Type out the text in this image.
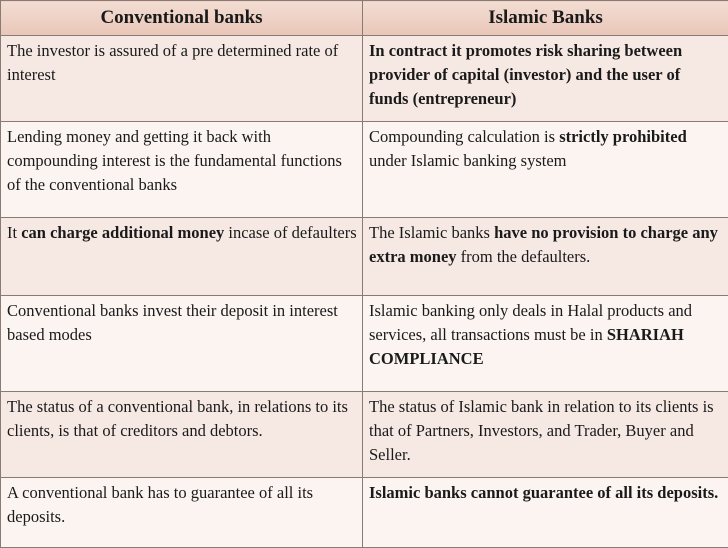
Conventional banks	Islamic Banks
The investor is assured of a pre determined rate of interest	In contract it promotes risk sharing between provider of capital (investor) and the user of funds (entrepreneur)
Lending money and getting it back with compounding interest is the fundamental functions of the conventional banks	Compounding calculation is strictly prohibited under Islamic banking system
It can charge additional money incase of defaulters	The Islamic banks have no provision to charge any extra money from the defaulters.
Conventional banks invest their deposit in interest based modes	Islamic banking only deals in Halal products and services, all transactions must be in SHARIAH COMPLIANCE
The status of a conventional bank, in relations to its clients, is that of creditors and debtors.	The status of Islamic bank in relation to its clients is that of Partners, Investors, and Trader, Buyer and Seller.
A conventional bank has to guarantee of all its deposits.	Islamic banks cannot guarantee of all its deposits.
